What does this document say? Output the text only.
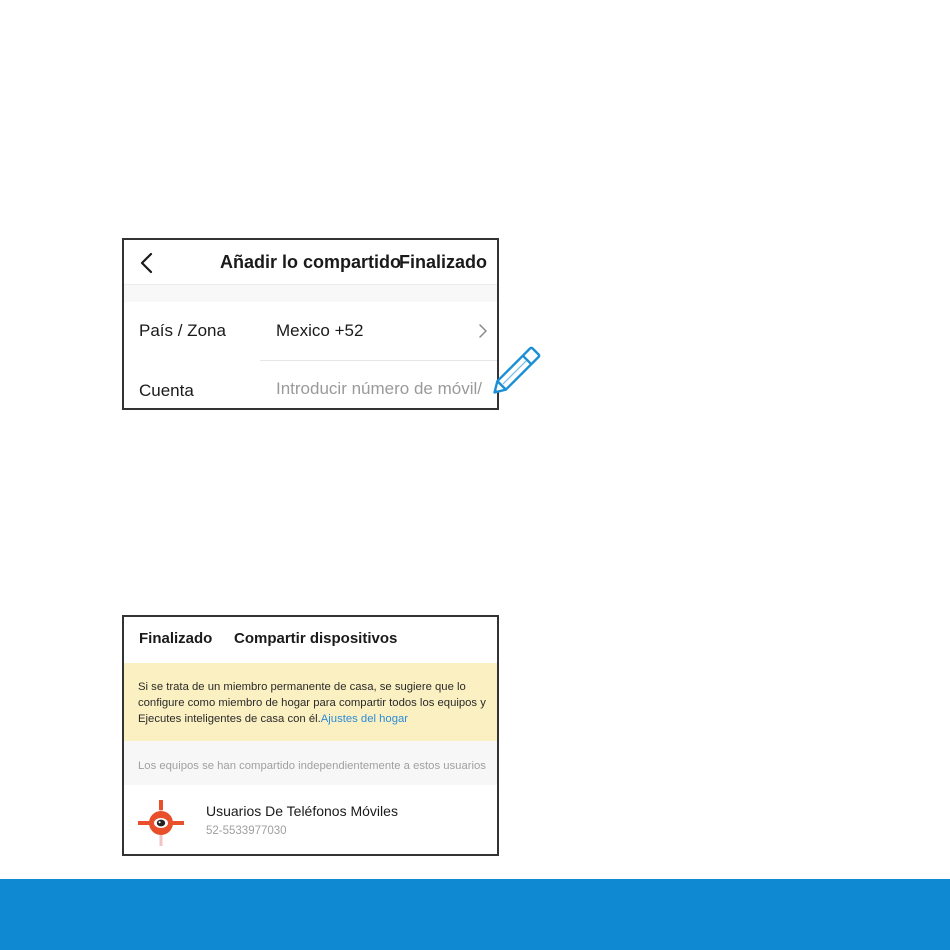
Añadir lo compartido
Finalizado
País / Zona	Mexico +52
Cuenta
Introducir número de móvil/
Finalizado Compartir dispositivos
Si se trata de un miembro permanente de casa, se sugiere que lo configure como miembro de hogar para compartir todos los equipos y Ejecutes inteligentes de casa con él.Ajustes del hogar
Los equipos se han compartido independientemente a estos usuarios
Usuarios De Teléfonos Móviles
52-5533977030
